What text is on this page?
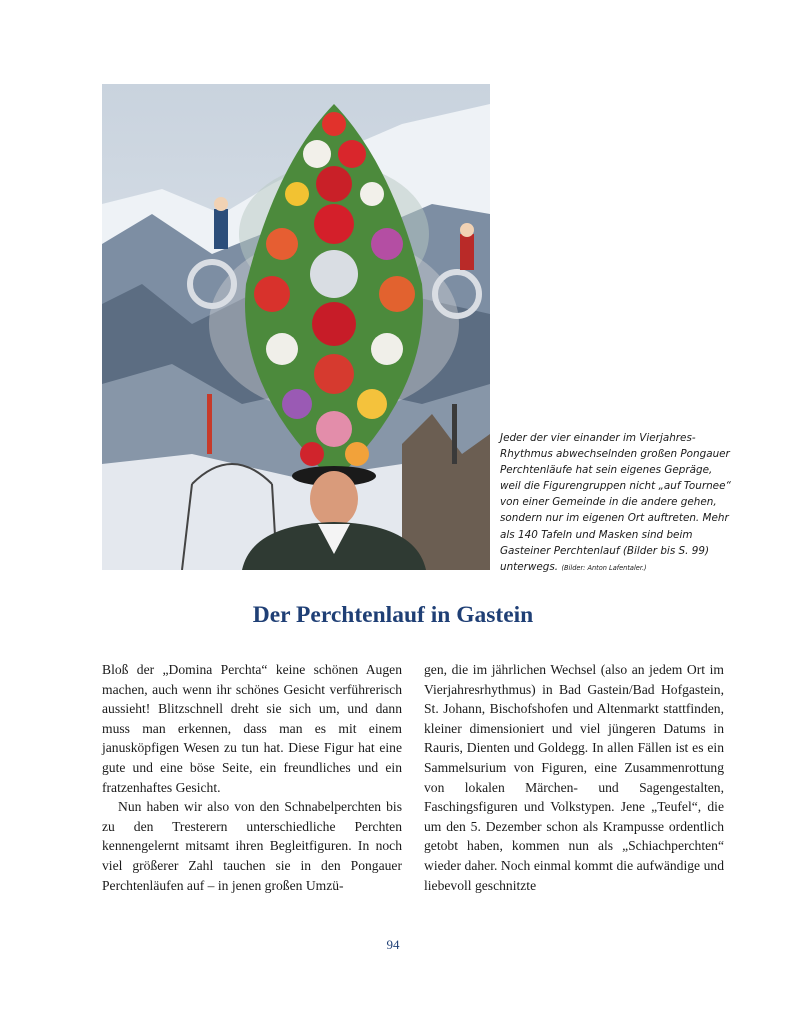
Jeder der vier einander im Vierjahres-Rhythmus abwechselnden großen Pongauer Perchtenläufe hat sein eigenes Gepräge, weil die Figurengruppen nicht „auf Tournee“ von einer Gemeinde in die andere gehen, sondern nur im eigenen Ort auftreten. Mehr als 140 Tafeln und Masken sind beim Gasteiner Perchtenlauf (Bilder bis S. 99) unterwegs. (Bilder: Anton Lafentaler.)
Der Perchtenlauf in Gastein

Bloß der „Domina Perchta“ keine schönen Augen machen, auch wenn ihr schönes Gesicht verführerisch aussieht! Blitzschnell dreht sie sich um, und dann muss man erkennen, dass man es mit einem janusköpfigen Wesen zu tun hat. Diese Figur hat eine gute und eine böse Seite, ein freundliches und ein fratzenhaftes Gesicht.

Nun haben wir also von den Schnabelperchten bis zu den Tresterern unterschiedliche Perchten kennengelernt mitsamt ihren Begleitfiguren. In noch viel größerer Zahl tauchen sie in den Pongauer Perchtenläufen auf – in jenen großen Umzü-

gen, die im jährlichen Wechsel (also an jedem Ort im Vierjahresrhythmus) in Bad Gastein/Bad Hofgastein, St. Johann, Bischofshofen und Altenmarkt stattfinden, kleiner dimensioniert und viel jüngeren Datums in Rauris, Dienten und Goldegg. In allen Fällen ist es ein Sammelsurium von Figuren, eine Zusammenrottung von lokalen Märchen- und Sagengestalten, Faschingsfiguren und Volkstypen. Jene „Teufel“, die um den 5. Dezember schon als Krampusse ordentlich getobt haben, kommen nun als „Schiachperchten“ wieder daher. Noch einmal kommt die aufwändige und liebevoll geschnitzte

94
